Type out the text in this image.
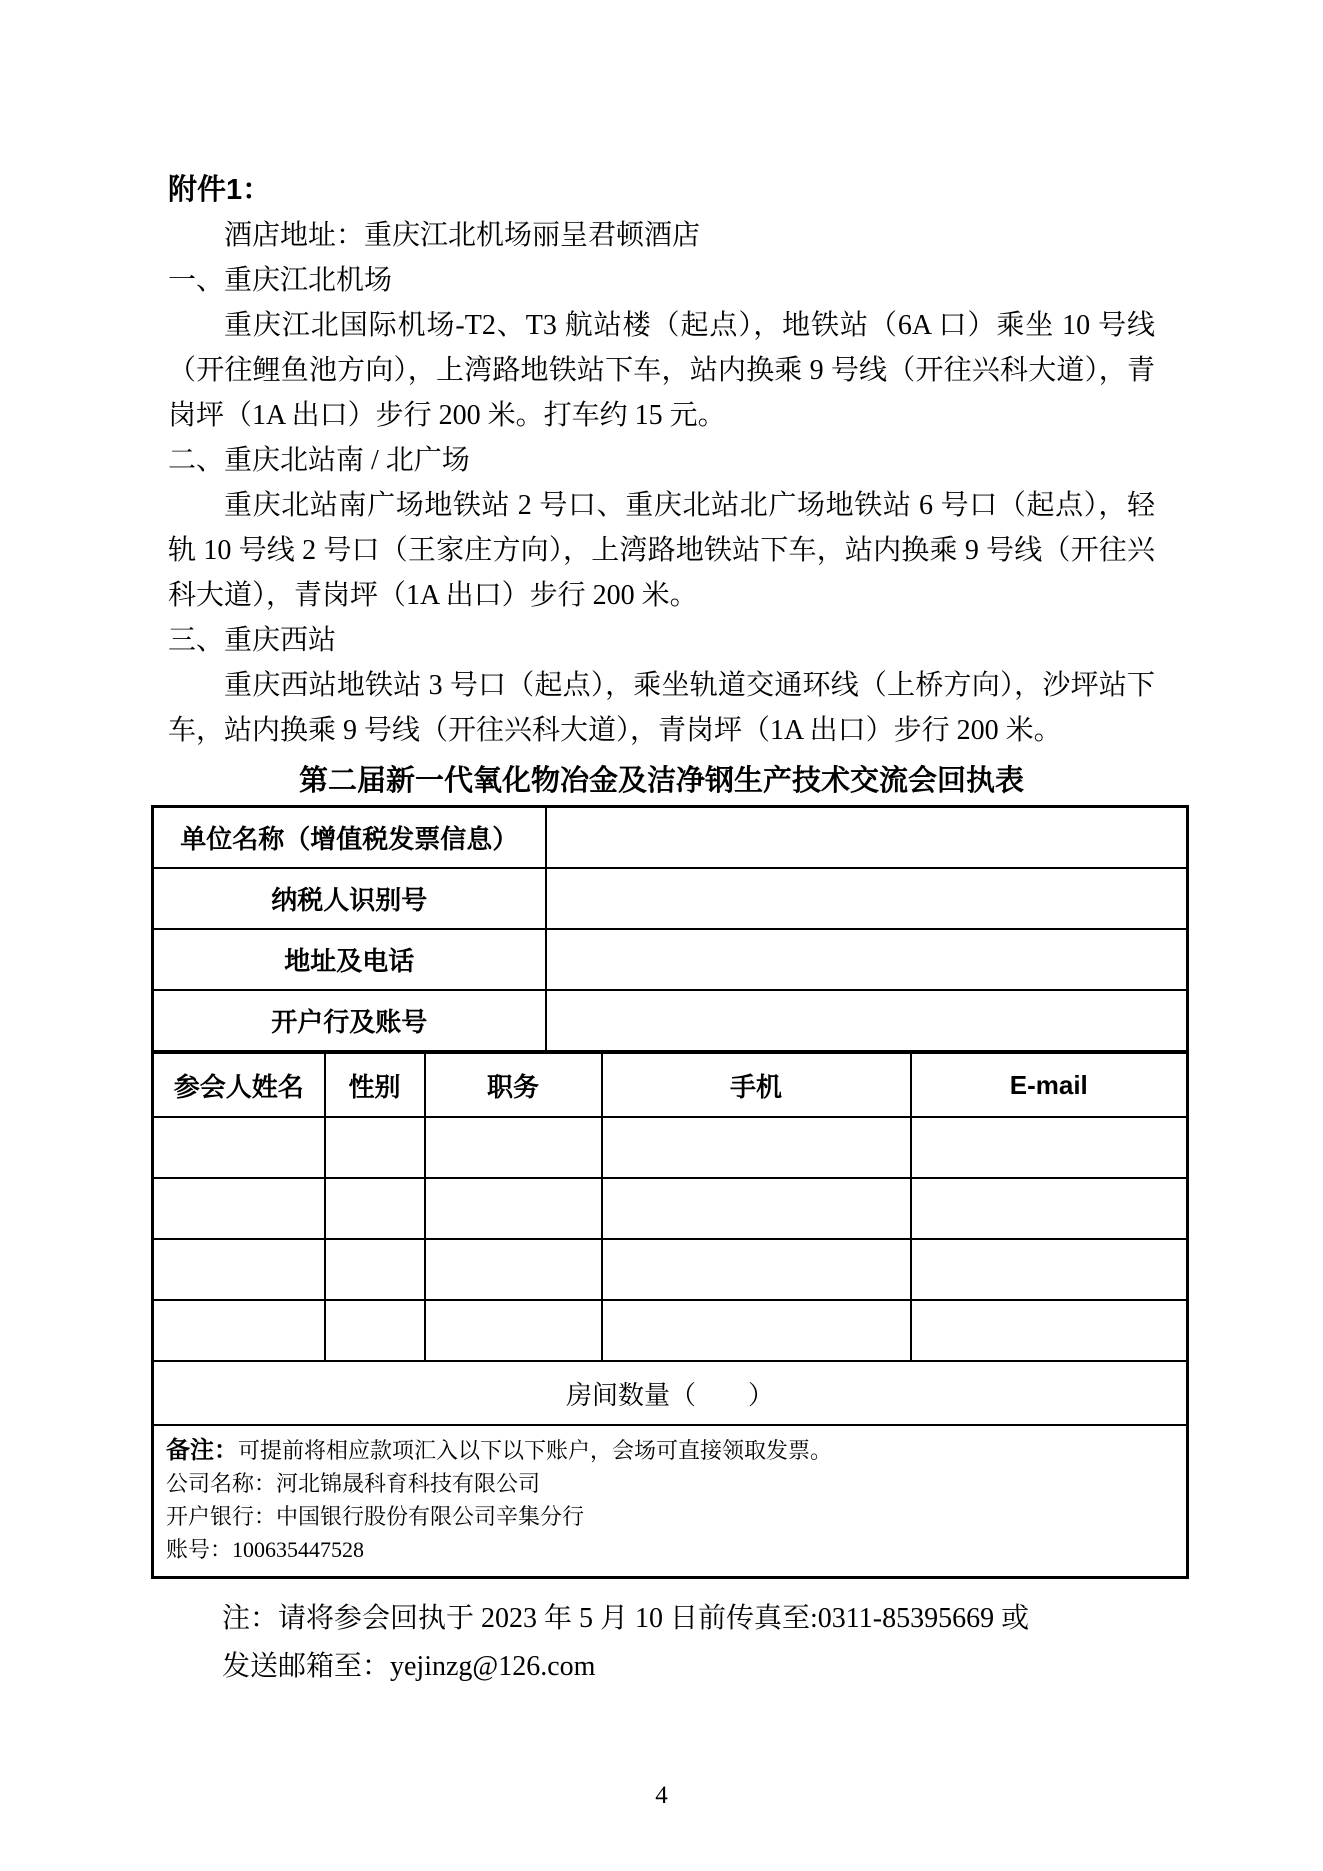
附件1：
酒店地址：重庆江北机场丽呈君顿酒店
一、重庆江北机场
重庆江北国际机场-T2、T3 航站楼（起点），地铁站（6A 口）乘坐 10 号线（开往鲤鱼池方向），上湾路地铁站下车，站内换乘 9 号线（开往兴科大道），青岗坪（1A 出口）步行 200 米。打车约 15 元。
二、重庆北站南 / 北广场
重庆北站南广场地铁站 2 号口、重庆北站北广场地铁站 6 号口（起点），轻轨 10 号线 2 号口（王家庄方向），上湾路地铁站下车，站内换乘 9 号线（开往兴科大道），青岗坪（1A 出口）步行 200 米。
三、重庆西站
重庆西站地铁站 3 号口（起点），乘坐轨道交通环线（上桥方向），沙坪站下车，站内换乘 9 号线（开往兴科大道），青岗坪（1A 出口）步行 200 米。
第二届新一代氧化物冶金及洁净钢生产技术交流会回执表
单位名称（增值税发票信息）	
纳税人识别号	
地址及电话	
开户行及账号	
参会人姓名	性别	职务	手机	E-mail

房间数量（　　）				

备注：可提前将相应款项汇入以下以下账户，会场可直接领取发票。
公司名称：河北锦晟科育科技有限公司
开户银行：中国银行股份有限公司辛集分行
账号：100635447528				
注：请将参会回执于 2023 年 5 月 10 日前传真至:0311-85395669 或
发送邮箱至：yejinzg@126.com
4
